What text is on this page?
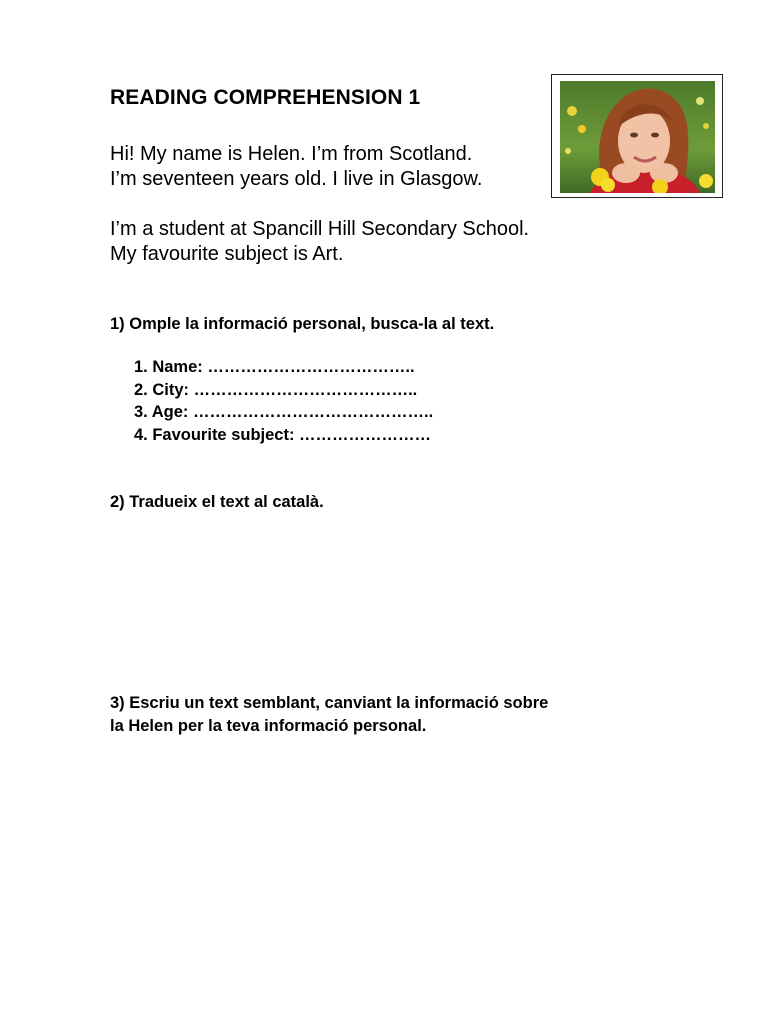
READING COMPREHENSION 1
Hi! My name is Helen. I’m from Scotland.
I’m seventeen years old. I live in Glasgow.
I’m a student at Spancill Hill Secondary School.
My favourite subject is Art.
1) Omple la informació personal, busca-la al text.
1. Name: ………………………………..
2. City: …………………………………..
3. Age: ……………………………………..
4. Favourite subject: ……………………
2) Tradueix el text al català.
3) Escriu un text semblant, canviant la informació sobre
la Helen per la teva informació personal.
